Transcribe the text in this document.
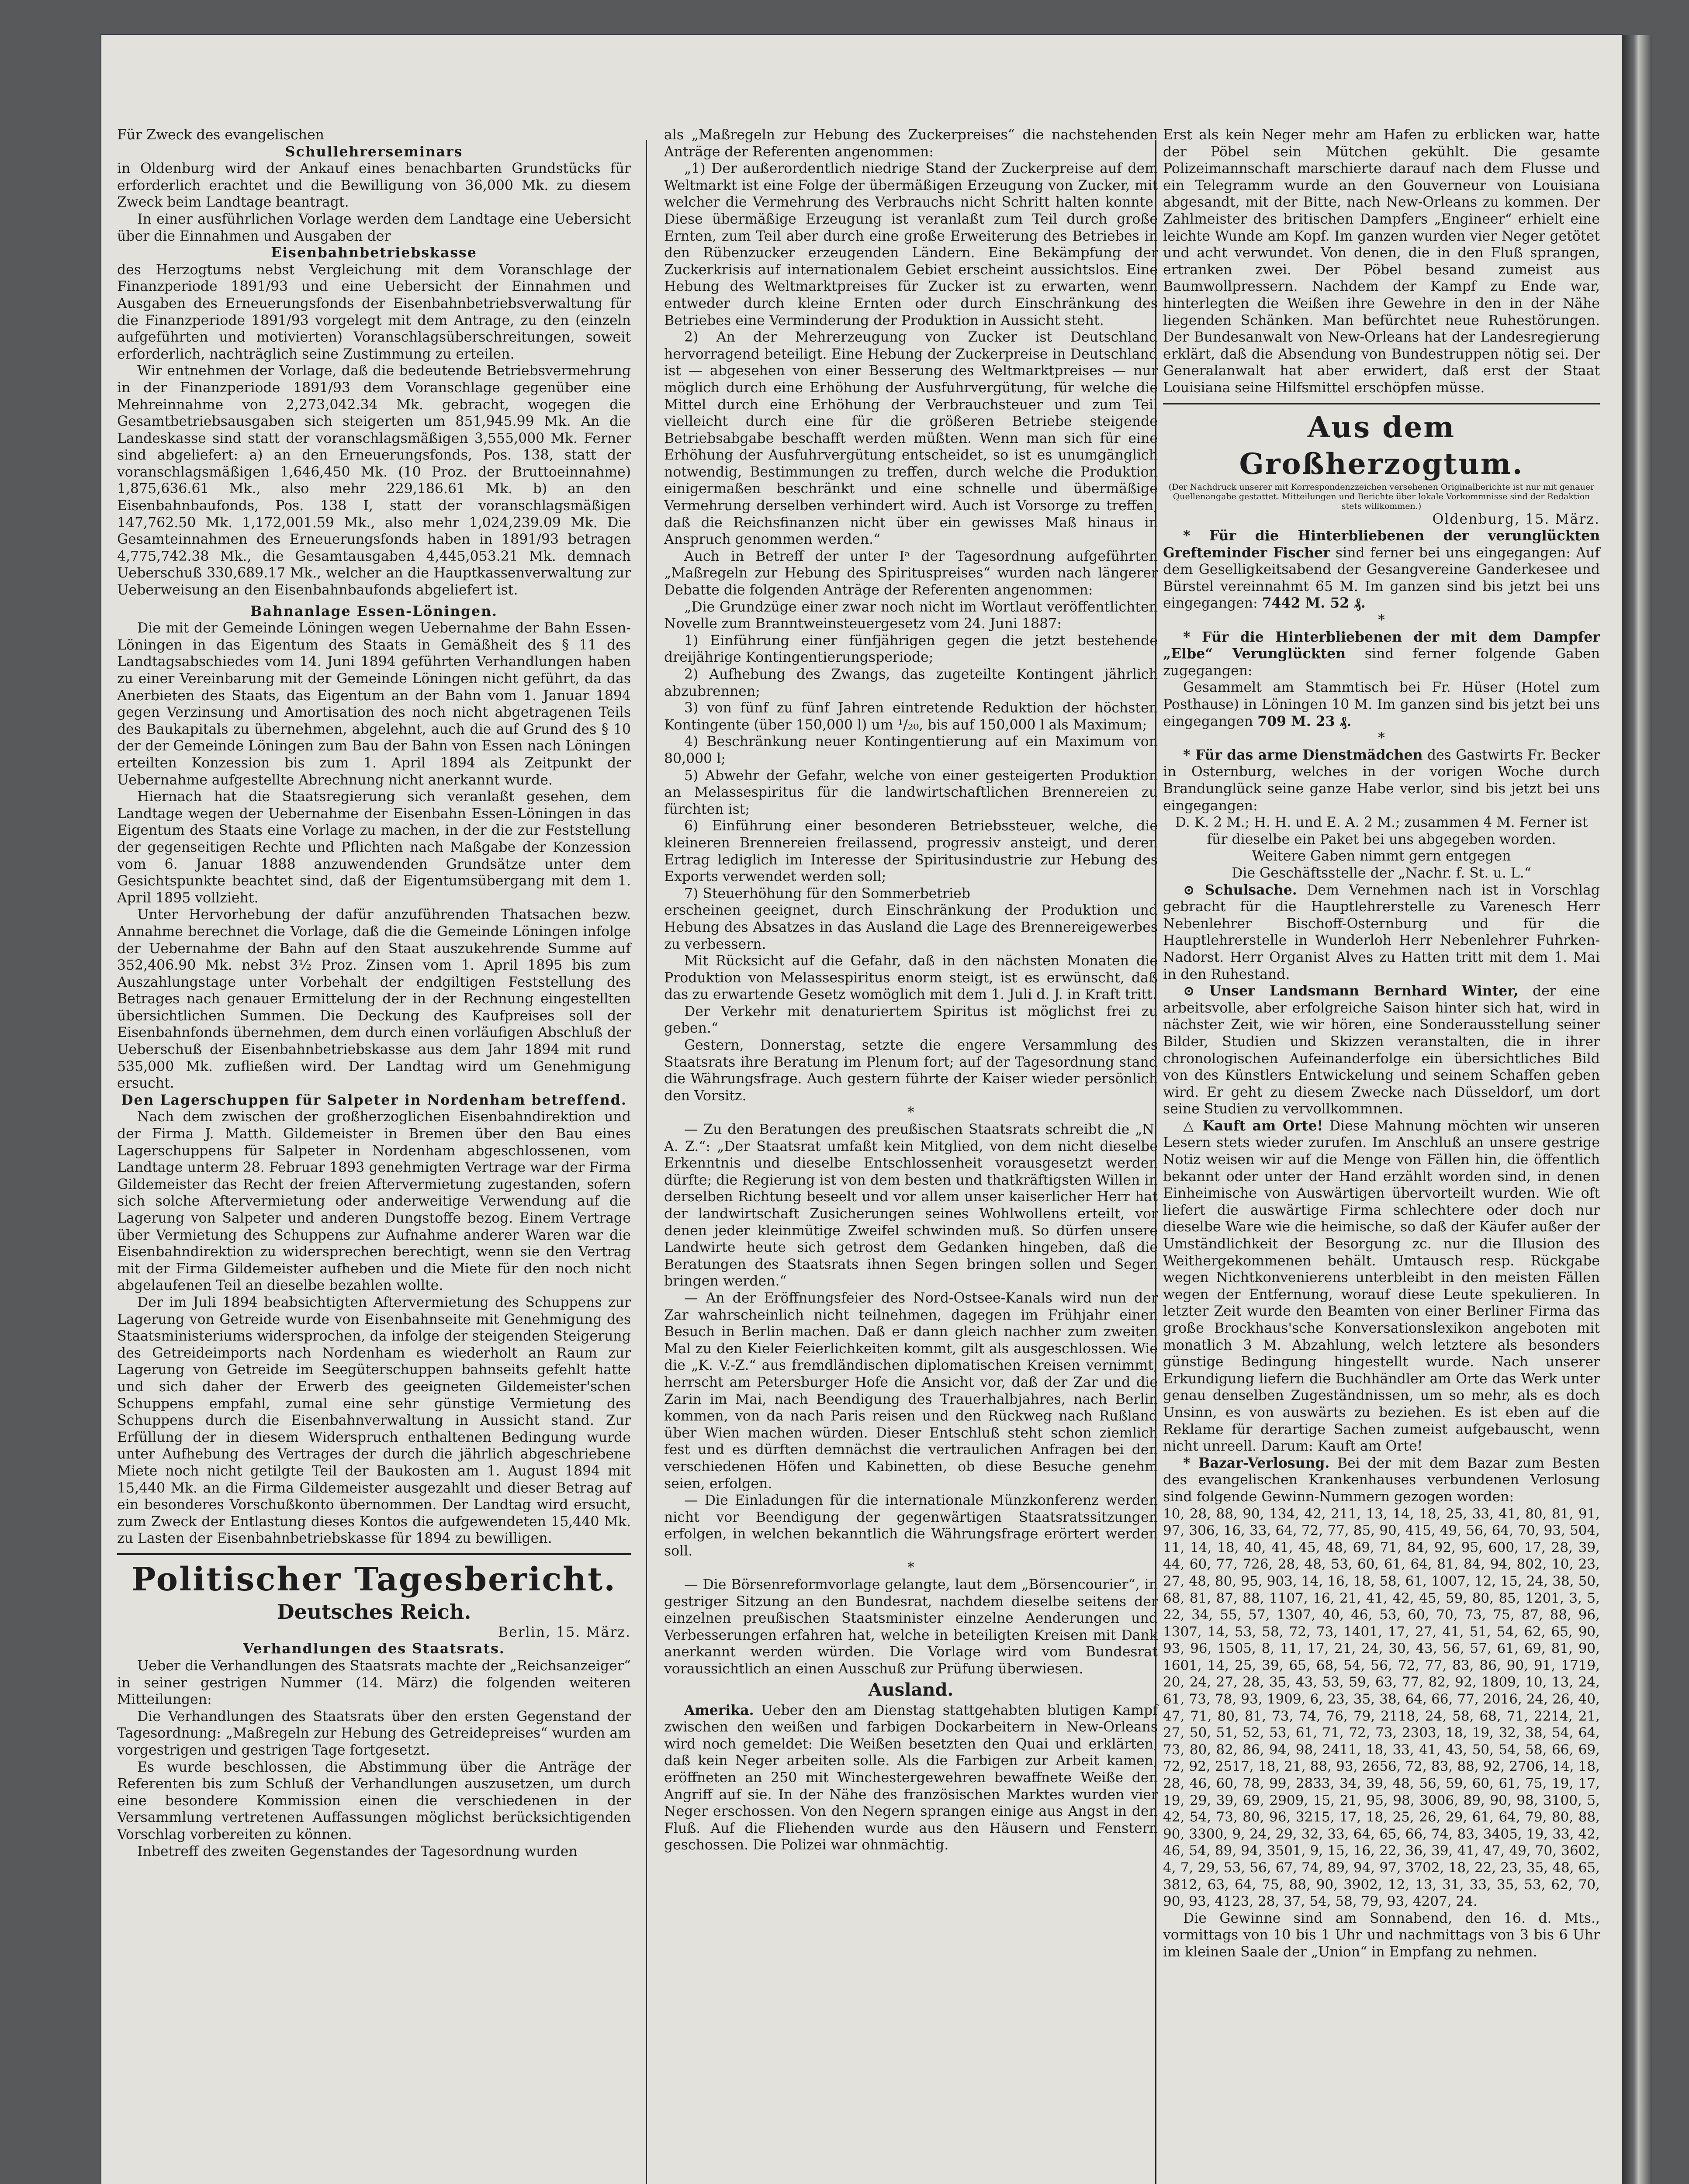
Für Zweck des evangelischen

Schullehrerseminars

in Oldenburg wird der Ankauf eines benachbarten Grundstücks für erforderlich erachtet und die Bewilligung von 36,000 Mk. zu diesem Zweck beim Landtage beantragt.

In einer ausführlichen Vorlage werden dem Landtage eine Uebersicht über die Einnahmen und Ausgaben der

Eisenbahnbetriebskasse

des Herzogtums nebst Vergleichung mit dem Voranschlage der Finanzperiode 1891/93 und eine Uebersicht der Einnahmen und Ausgaben des Erneuerungsfonds der Eisenbahnbetriebsverwaltung für die Finanzperiode 1891/93 vorgelegt mit dem Antrage, zu den (einzeln aufgeführten und motivierten) Voranschlagsüberschreitungen, soweit erforderlich, nachträglich seine Zustimmung zu erteilen.

Wir entnehmen der Vorlage, daß die bedeutende Betriebsvermehrung in der Finanzperiode 1891/93 dem Voranschlage gegenüber eine Mehreinnahme von 2,273,042.34 Mk. gebracht, wogegen die Gesamtbetriebsausgaben sich steigerten um 851,945.99 Mk. An die Landeskasse sind statt der voranschlagsmäßigen 3,555,000 Mk. Ferner sind abgeliefert: a) an den Erneuerungsfonds, Pos. 138, statt der voranschlagsmäßigen 1,646,450 Mk. (10 Proz. der Bruttoeinnahme) 1,875,636.61 Mk., also mehr 229,186.61 Mk. b) an den Eisenbahnbaufonds, Pos. 138 I, statt der voranschlagsmäßigen 147,762.50 Mk. 1,172,001.59 Mk., also mehr 1,024,239.09 Mk. Die Gesamteinnahmen des Erneuerungsfonds haben in 1891/93 betragen 4,775,742.38 Mk., die Gesamtausgaben 4,445,053.21 Mk. demnach Ueberschuß 330,689.17 Mk., welcher an die Hauptkassenverwaltung zur Ueberweisung an den Eisenbahnbaufonds abgeliefert ist.

Bahnanlage Essen-Löningen.

Die mit der Gemeinde Löningen wegen Uebernahme der Bahn Essen-Löningen in das Eigentum des Staats in Gemäßheit des § 11 des Landtagsabschiedes vom 14. Juni 1894 geführten Verhandlungen haben zu einer Vereinbarung mit der Gemeinde Löningen nicht geführt, da das Anerbieten des Staats, das Eigentum an der Bahn vom 1. Januar 1894 gegen Verzinsung und Amortisation des noch nicht abgetragenen Teils des Baukapitals zu übernehmen, abgelehnt, auch die auf Grund des § 10 der der Gemeinde Löningen zum Bau der Bahn von Essen nach Löningen erteilten Konzession bis zum 1. April 1894 als Zeitpunkt der Uebernahme aufgestellte Abrechnung nicht anerkannt wurde.

Hiernach hat die Staatsregierung sich veranlaßt gesehen, dem Landtage wegen der Uebernahme der Eisenbahn Essen-Löningen in das Eigentum des Staats eine Vorlage zu machen, in der die zur Feststellung der gegenseitigen Rechte und Pflichten nach Maßgabe der Konzession vom 6. Januar 1888 anzuwendenden Grundsätze unter dem Gesichtspunkte beachtet sind, daß der Eigentumsübergang mit dem 1. April 1895 vollzieht.

Unter Hervorhebung der dafür anzuführenden Thatsachen bezw. Annahme berechnet die Vorlage, daß die die Gemeinde Löningen infolge der Uebernahme der Bahn auf den Staat auszukehrende Summe auf 352,406.90 Mk. nebst 3½ Proz. Zinsen vom 1. April 1895 bis zum Auszahlungstage unter Vorbehalt der endgiltigen Feststellung des Betrages nach genauer Ermittelung der in der Rechnung eingestellten übersichtlichen Summen. Die Deckung des Kaufpreises soll der Eisenbahnfonds übernehmen, dem durch einen vorläufigen Abschluß der Ueberschuß der Eisenbahnbetriebskasse aus dem Jahr 1894 mit rund 535,000 Mk. zufließen wird. Der Landtag wird um Genehmigung ersucht.

Den Lagerschuppen für Salpeter in Nordenham betreffend.

Nach dem zwischen der großherzoglichen Eisenbahndirektion und der Firma J. Matth. Gildemeister in Bremen über den Bau eines Lagerschuppens für Salpeter in Nordenham abgeschlossenen, vom Landtage unterm 28. Februar 1893 genehmigten Vertrage war der Firma Gildemeister das Recht der freien Aftervermietung zugestanden, sofern sich solche Aftervermietung oder anderweitige Verwendung auf die Lagerung von Salpeter und anderen Dungstoffe bezog. Einem Vertrage über Vermietung des Schuppens zur Aufnahme anderer Waren war die Eisenbahndirektion zu widersprechen berechtigt, wenn sie den Vertrag mit der Firma Gildemeister aufheben und die Miete für den noch nicht abgelaufenen Teil an dieselbe bezahlen wollte.

Der im Juli 1894 beabsichtigten Aftervermietung des Schuppens zur Lagerung von Getreide wurde von Eisenbahnseite mit Genehmigung des Staatsministeriums widersprochen, da infolge der steigenden Steigerung des Getreideimports nach Nordenham es wiederholt an Raum zur Lagerung von Getreide im Seegüterschuppen bahnseits gefehlt hatte und sich daher der Erwerb des geeigneten Gildemeister'schen Schuppens empfahl, zumal eine sehr günstige Vermietung des Schuppens durch die Eisenbahnverwaltung in Aussicht stand. Zur Erfüllung der in diesem Widerspruch enthaltenen Bedingung wurde unter Aufhebung des Vertrages der durch die jährlich abgeschriebene Miete noch nicht getilgte Teil der Baukosten am 1. August 1894 mit 15,440 Mk. an die Firma Gildemeister ausgezahlt und dieser Betrag auf ein besonderes Vorschußkonto übernommen. Der Landtag wird ersucht, zum Zweck der Entlastung dieses Kontos die aufgewendeten 15,440 Mk. zu Lasten der Eisenbahnbetriebskasse für 1894 zu bewilligen.

Politischer Tagesbericht.
Deutsches Reich.
Berlin, 15. März.
Verhandlungen des Staatsrats.

Ueber die Verhandlungen des Staatsrats machte der „Reichsanzeiger“ in seiner gestrigen Nummer (14. März) die folgenden weiteren Mitteilungen:

Die Verhandlungen des Staatsrats über den ersten Gegenstand der Tagesordnung: „Maßregeln zur Hebung des Getreidepreises“ wurden am vorgestrigen und gestrigen Tage fortgesetzt.

Es wurde beschlossen, die Abstimmung über die Anträge der Referenten bis zum Schluß der Verhandlungen auszusetzen, um durch eine besondere Kommission einen die verschiedenen in der Versammlung vertretenen Auffassungen möglichst berücksichtigenden Vorschlag vorbereiten zu können.

Inbetreff des zweiten Gegenstandes der Tagesordnung wurden

als „Maßregeln zur Hebung des Zuckerpreises“ die nachstehenden Anträge der Referenten angenommen:

„1) Der außerordentlich niedrige Stand der Zuckerpreise auf dem Weltmarkt ist eine Folge der übermäßigen Erzeugung von Zucker, mit welcher die Vermehrung des Verbrauchs nicht Schritt halten konnte. Diese übermäßige Erzeugung ist veranlaßt zum Teil durch große Ernten, zum Teil aber durch eine große Erweiterung des Betriebes in den Rübenzucker erzeugenden Ländern. Eine Bekämpfung der Zuckerkrisis auf internationalem Gebiet erscheint aussichtslos. Eine Hebung des Weltmarktpreises für Zucker ist zu erwarten, wenn entweder durch kleine Ernten oder durch Einschränkung des Betriebes eine Verminderung der Produktion in Aussicht steht.

2) An der Mehrerzeugung von Zucker ist Deutschland hervorragend beteiligt. Eine Hebung der Zuckerpreise in Deutschland ist — abgesehen von einer Besserung des Weltmarktpreises — nur möglich durch eine Erhöhung der Ausfuhrvergütung, für welche die Mittel durch eine Erhöhung der Verbrauchsteuer und zum Teil vielleicht durch eine für die größeren Betriebe steigende Betriebsabgabe beschafft werden müßten. Wenn man sich für eine Erhöhung der Ausfuhrvergütung entscheidet, so ist es unumgänglich notwendig, Bestimmungen zu treffen, durch welche die Produktion einigermaßen beschränkt und eine schnelle und übermäßige Vermehrung derselben verhindert wird. Auch ist Vorsorge zu treffen, daß die Reichsfinanzen nicht über ein gewisses Maß hinaus in Anspruch genommen werden.“

Auch in Betreff der unter Iᵃ der Tagesordnung aufgeführten „Maßregeln zur Hebung des Spirituspreises“ wurden nach längerer Debatte die folgenden Anträge der Referenten angenommen:

„Die Grundzüge einer zwar noch nicht im Wortlaut veröffentlichten Novelle zum Branntweinsteuergesetz vom 24. Juni 1887:

1) Einführung einer fünfjährigen gegen die jetzt bestehende dreijährige Kontingentierungsperiode;

2) Aufhebung des Zwangs, das zugeteilte Kontingent jährlich abzubrennen;

3) von fünf zu fünf Jahren eintretende Reduktion der höchsten Kontingente (über 150,000 l) um ¹/₂₀, bis auf 150,000 l als Maximum;

4) Beschränkung neuer Kontingentierung auf ein Maximum von 80,000 l;

5) Abwehr der Gefahr, welche von einer gesteigerten Produktion an Melassespiritus für die landwirtschaftlichen Brennereien zu fürchten ist;

6) Einführung einer besonderen Betriebssteuer, welche, die kleineren Brennereien freilassend, progressiv ansteigt, und deren Ertrag lediglich im Interesse der Spiritusindustrie zur Hebung des Exports verwendet werden soll;

7) Steuerhöhung für den Sommerbetrieb

erscheinen geeignet, durch Einschränkung der Produktion und Hebung des Absatzes in das Ausland die Lage des Brennereigewerbes zu verbessern.

Mit Rücksicht auf die Gefahr, daß in den nächsten Monaten die Produktion von Melassespiritus enorm steigt, ist es erwünscht, daß das zu erwartende Gesetz womöglich mit dem 1. Juli d. J. in Kraft tritt.

Der Verkehr mit denaturiertem Spiritus ist möglichst frei zu geben.“

Gestern, Donnerstag, setzte die engere Versammlung des Staatsrats ihre Beratung im Plenum fort; auf der Tagesordnung stand die Währungsfrage. Auch gestern führte der Kaiser wieder persönlich den Vorsitz.

*

— Zu den Beratungen des preußischen Staatsrats schreibt die „N. A. Z.“: „Der Staatsrat umfaßt kein Mitglied, von dem nicht dieselbe Erkenntnis und dieselbe Entschlossenheit vorausgesetzt werden dürfte; die Regierung ist von dem besten und thatkräftigsten Willen in derselben Richtung beseelt und vor allem unser kaiserlicher Herr hat der landwirtschaft Zusicherungen seines Wohlwollens erteilt, vor denen jeder kleinmütige Zweifel schwinden muß. So dürfen unsere Landwirte heute sich getrost dem Gedanken hingeben, daß die Beratungen des Staatsrats ihnen Segen bringen sollen und Segen bringen werden.“

— An der Eröffnungsfeier des Nord-Ostsee-Kanals wird nun der Zar wahrscheinlich nicht teilnehmen, dagegen im Frühjahr einen Besuch in Berlin machen. Daß er dann gleich nachher zum zweiten Mal zu den Kieler Feierlichkeiten kommt, gilt als ausgeschlossen. Wie die „K. V.-Z.“ aus fremdländischen diplomatischen Kreisen vernimmt, herrscht am Petersburger Hofe die Ansicht vor, daß der Zar und die Zarin im Mai, nach Beendigung des Trauerhalbjahres, nach Berlin kommen, von da nach Paris reisen und den Rückweg nach Rußland über Wien machen würden. Dieser Entschluß steht schon ziemlich fest und es dürften demnächst die vertraulichen Anfragen bei den verschiedenen Höfen und Kabinetten, ob diese Besuche genehm seien, erfolgen.

— Die Einladungen für die internationale Münzkonferenz werden nicht vor Beendigung der gegenwärtigen Staatsratssitzungen erfolgen, in welchen bekanntlich die Währungsfrage erörtert werden soll.

*

— Die Börsenreformvorlage gelangte, laut dem „Börsencourier“, in gestriger Sitzung an den Bundesrat, nachdem dieselbe seitens der einzelnen preußischen Staatsminister einzelne Aenderungen und Verbesserungen erfahren hat, welche in beteiligten Kreisen mit Dank anerkannt werden würden. Die Vorlage wird vom Bundesrat voraussichtlich an einen Ausschuß zur Prüfung überwiesen.

Ausland.

Amerika. Ueber den am Dienstag stattgehabten blutigen Kampf zwischen den weißen und farbigen Dockarbeitern in New-Orleans wird noch gemeldet: Die Weißen besetzten den Quai und erklärten, daß kein Neger arbeiten solle. Als die Farbigen zur Arbeit kamen, eröffneten an 250 mit Winchestergewehren bewaffnete Weiße den Angriff auf sie. In der Nähe des französischen Marktes wurden vier Neger erschossen. Von den Negern sprangen einige aus Angst in den Fluß. Auf die Fliehenden wurde aus den Häusern und Fenstern geschossen. Die Polizei war ohnmächtig.

Erst als kein Neger mehr am Hafen zu erblicken war, hatte der Pöbel sein Mütchen gekühlt. Die gesamte Polizeimannschaft marschierte darauf nach dem Flusse und ein Telegramm wurde an den Gouverneur von Louisiana abgesandt, mit der Bitte, nach New-Orleans zu kommen. Der Zahlmeister des britischen Dampfers „Engineer“ erhielt eine leichte Wunde am Kopf. Im ganzen wurden vier Neger getötet und acht verwundet. Von denen, die in den Fluß sprangen, ertranken zwei. Der Pöbel besand zumeist aus Baumwollpressern. Nachdem der Kampf zu Ende war, hinterlegten die Weißen ihre Gewehre in den in der Nähe liegenden Schänken. Man befürchtet neue Ruhestörungen. Der Bundesanwalt von New-Orleans hat der Landesregierung erklärt, daß die Absendung von Bundestruppen nötig sei. Der Generalanwalt hat aber erwidert, daß erst der Staat Louisiana seine Hilfsmittel erschöpfen müsse.

Aus dem Großherzogtum.
(Der Nachdruck unserer mit Korrespondenzzeichen versehenen Originalberichte ist nur mit genauer Quellenangabe gestattet. Mitteilungen und Berichte über lokale Vorkommnisse sind der Redaktion stets willkommen.)
Oldenburg, 15. März.

* Für die Hinterbliebenen der verunglückten Grefteminder Fischer sind ferner bei uns eingegangen: Auf dem Geselligkeitsabend der Gesangvereine Ganderkesee und Bürstel vereinnahmt 65 M. Im ganzen sind bis jetzt bei uns eingegangen: 7442 M. 52 ₰.

*

* Für die Hinterbliebenen der mit dem Dampfer „Elbe“ Verunglückten sind ferner folgende Gaben zugegangen:

Gesammelt am Stammtisch bei Fr. Hüser (Hotel zum Posthause) in Löningen 10 M. Im ganzen sind bis jetzt bei uns eingegangen 709 M. 23 ₰.

*

* Für das arme Dienstmädchen des Gastwirts Fr. Becker in Osternburg, welches in der vorigen Woche durch Brandunglück seine ganze Habe verlor, sind bis jetzt bei uns eingegangen:

D. K. 2 M.; H. H. und E. A. 2 M.; zusammen 4 M. Ferner ist für dieselbe ein Paket bei uns abgegeben worden.

Weitere Gaben nimmt gern entgegen

Die Geschäftsstelle der „Nachr. f. St. u. L.“

⊙ Schulsache. Dem Vernehmen nach ist in Vorschlag gebracht für die Hauptlehrerstelle zu Varenesch Herr Nebenlehrer Bischoff-Osternburg und für die Hauptlehrerstelle in Wunderloh Herr Nebenlehrer Fuhrken-Nadorst. Herr Organist Alves zu Hatten tritt mit dem 1. Mai in den Ruhestand.

⊙ Unser Landsmann Bernhard Winter, der eine arbeitsvolle, aber erfolgreiche Saison hinter sich hat, wird in nächster Zeit, wie wir hören, eine Sonderausstellung seiner Bilder, Studien und Skizzen veranstalten, die in ihrer chronologischen Aufeinanderfolge ein übersichtliches Bild von des Künstlers Entwickelung und seinem Schaffen geben wird. Er geht zu diesem Zwecke nach Düsseldorf, um dort seine Studien zu vervollkommnen.

△ Kauft am Orte! Diese Mahnung möchten wir unseren Lesern stets wieder zurufen. Im Anschluß an unsere gestrige Notiz weisen wir auf die Menge von Fällen hin, die öffentlich bekannt oder unter der Hand erzählt worden sind, in denen Einheimische von Auswärtigen übervorteilt wurden. Wie oft liefert die auswärtige Firma schlechtere oder doch nur dieselbe Ware wie die heimische, so daß der Käufer außer der Umständlichkeit der Besorgung zc. nur die Illusion des Weithergekommenen behält. Umtausch resp. Rückgabe wegen Nichtkonvenierens unterbleibt in den meisten Fällen wegen der Entfernung, worauf diese Leute spekulieren. In letzter Zeit wurde den Beamten von einer Berliner Firma das große Brockhaus'sche Konversationslexikon angeboten mit monatlich 3 M. Abzahlung, welch letztere als besonders günstige Bedingung hingestellt wurde. Nach unserer Erkundigung liefern die Buchhändler am Orte das Werk unter genau denselben Zugeständnissen, um so mehr, als es doch Unsinn, es von auswärts zu beziehen. Es ist eben auf die Reklame für derartige Sachen zumeist aufgebauscht, wenn nicht unreell. Darum: Kauft am Orte!

* Bazar-Verlosung. Bei der mit dem Bazar zum Besten des evangelischen Krankenhauses verbundenen Verlosung sind folgende Gewinn-Nummern gezogen worden:

10, 28, 88, 90, 134, 42, 211, 13, 14, 18, 25, 33, 41, 80, 81, 91, 97, 306, 16, 33, 64, 72, 77, 85, 90, 415, 49, 56, 64, 70, 93, 504, 11, 14, 18, 40, 41, 45, 48, 69, 71, 84, 92, 95, 600, 17, 28, 39, 44, 60, 77, 726, 28, 48, 53, 60, 61, 64, 81, 84, 94, 802, 10, 23, 27, 48, 80, 95, 903, 14, 16, 18, 58, 61, 1007, 12, 15, 24, 38, 50, 68, 81, 87, 88, 1107, 16, 21, 41, 42, 45, 59, 80, 85, 1201, 3, 5, 22, 34, 55, 57, 1307, 40, 46, 53, 60, 70, 73, 75, 87, 88, 96, 1307, 14, 53, 58, 72, 73, 1401, 17, 27, 41, 51, 54, 62, 65, 90, 93, 96, 1505, 8, 11, 17, 21, 24, 30, 43, 56, 57, 61, 69, 81, 90, 1601, 14, 25, 39, 65, 68, 54, 56, 72, 77, 83, 86, 90, 91, 1719, 20, 24, 27, 28, 35, 43, 53, 59, 63, 77, 82, 92, 1809, 10, 13, 24, 61, 73, 78, 93, 1909, 6, 23, 35, 38, 64, 66, 77, 2016, 24, 26, 40, 47, 71, 80, 81, 73, 74, 76, 79, 2118, 24, 58, 68, 71, 2214, 21, 27, 50, 51, 52, 53, 61, 71, 72, 73, 2303, 18, 19, 32, 38, 54, 64, 73, 80, 82, 86, 94, 98, 2411, 18, 33, 41, 43, 50, 54, 58, 66, 69, 72, 92, 2517, 18, 21, 88, 93, 2656, 72, 83, 88, 92, 2706, 14, 18, 28, 46, 60, 78, 99, 2833, 34, 39, 48, 56, 59, 60, 61, 75, 19, 17, 19, 29, 39, 69, 2909, 15, 21, 95, 98, 3006, 89, 90, 98, 3100, 5, 42, 54, 73, 80, 96, 3215, 17, 18, 25, 26, 29, 61, 64, 79, 80, 88, 90, 3300, 9, 24, 29, 32, 33, 64, 65, 66, 74, 83, 3405, 19, 33, 42, 46, 54, 89, 94, 3501, 9, 15, 16, 22, 36, 39, 41, 47, 49, 70, 3602, 4, 7, 29, 53, 56, 67, 74, 89, 94, 97, 3702, 18, 22, 23, 35, 48, 65, 3812, 63, 64, 75, 88, 90, 3902, 12, 13, 31, 33, 35, 53, 62, 70, 90, 93, 4123, 28, 37, 54, 58, 79, 93, 4207, 24.

Die Gewinne sind am Sonnabend, den 16. d. Mts., vormittags von 10 bis 1 Uhr und nachmittags von 3 bis 6 Uhr im kleinen Saale der „Union“ in Empfang zu nehmen.
